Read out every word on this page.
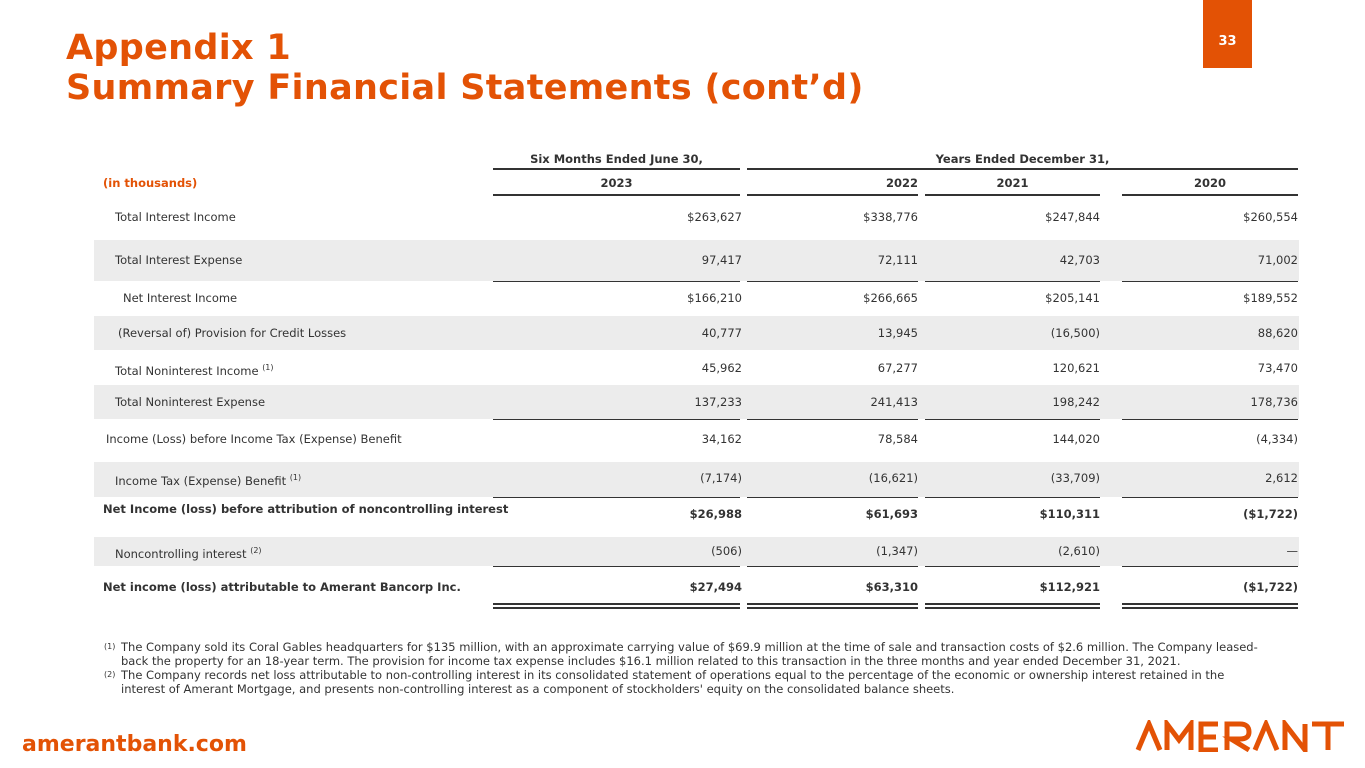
Appendix 1
Summary Financial Statements (cont’d)
33
Six Months Ended June 30,	Years Ended December 31,
(in thousands)	2023	2022	2021	2020
Total Interest Income	$263,627	$338,776	$247,844	$260,554
Total Interest Expense	97,417	72,111	42,703	71,002
Net Interest Income	$166,210	$266,665	$205,141	$189,552
(Reversal of) Provision for Credit Losses	40,777	13,945	(16,500)	88,620
Total Noninterest Income $^{(1)}$	45,962	67,277	120,621	73,470
Total Noninterest Expense	137,233	241,413	198,242	178,736
Income (Loss) before Income Tax (Expense) Benefit	34,162	78,584	144,020	(4,334)
Income Tax (Expense) Benefit $^{(1)}$	(7,174)	(16,621)	(33,709)	2,612
Net Income (loss) before attribution of noncontrolling interest	$26,988	$61,693	$110,311	($1,722)
Noncontrolling interest $^{(2)}$	(506)	(1,347)	(2,610)	—
Net income (loss) attributable to Amerant Bancorp Inc.	$27,494	$63,310	$112,921	($1,722)
(1) The Company sold its Coral Gables headquarters for $135 million, with an approximate carrying value of $69.9 million at the time of sale and transaction costs of $2.6 million. The Company leased-back the property for an 18-year term. The provision for income tax expense includes $16.1 million related to this transaction in the three months and year ended December 31, 2021.
(2) The Company records net loss attributable to non-controlling interest in its consolidated statement of operations equal to the percentage of the economic or ownership interest retained in the interest of Amerant Mortgage, and presents non-controlling interest as a component of stockholders' equity on the consolidated balance sheets.
amerantbank.com
